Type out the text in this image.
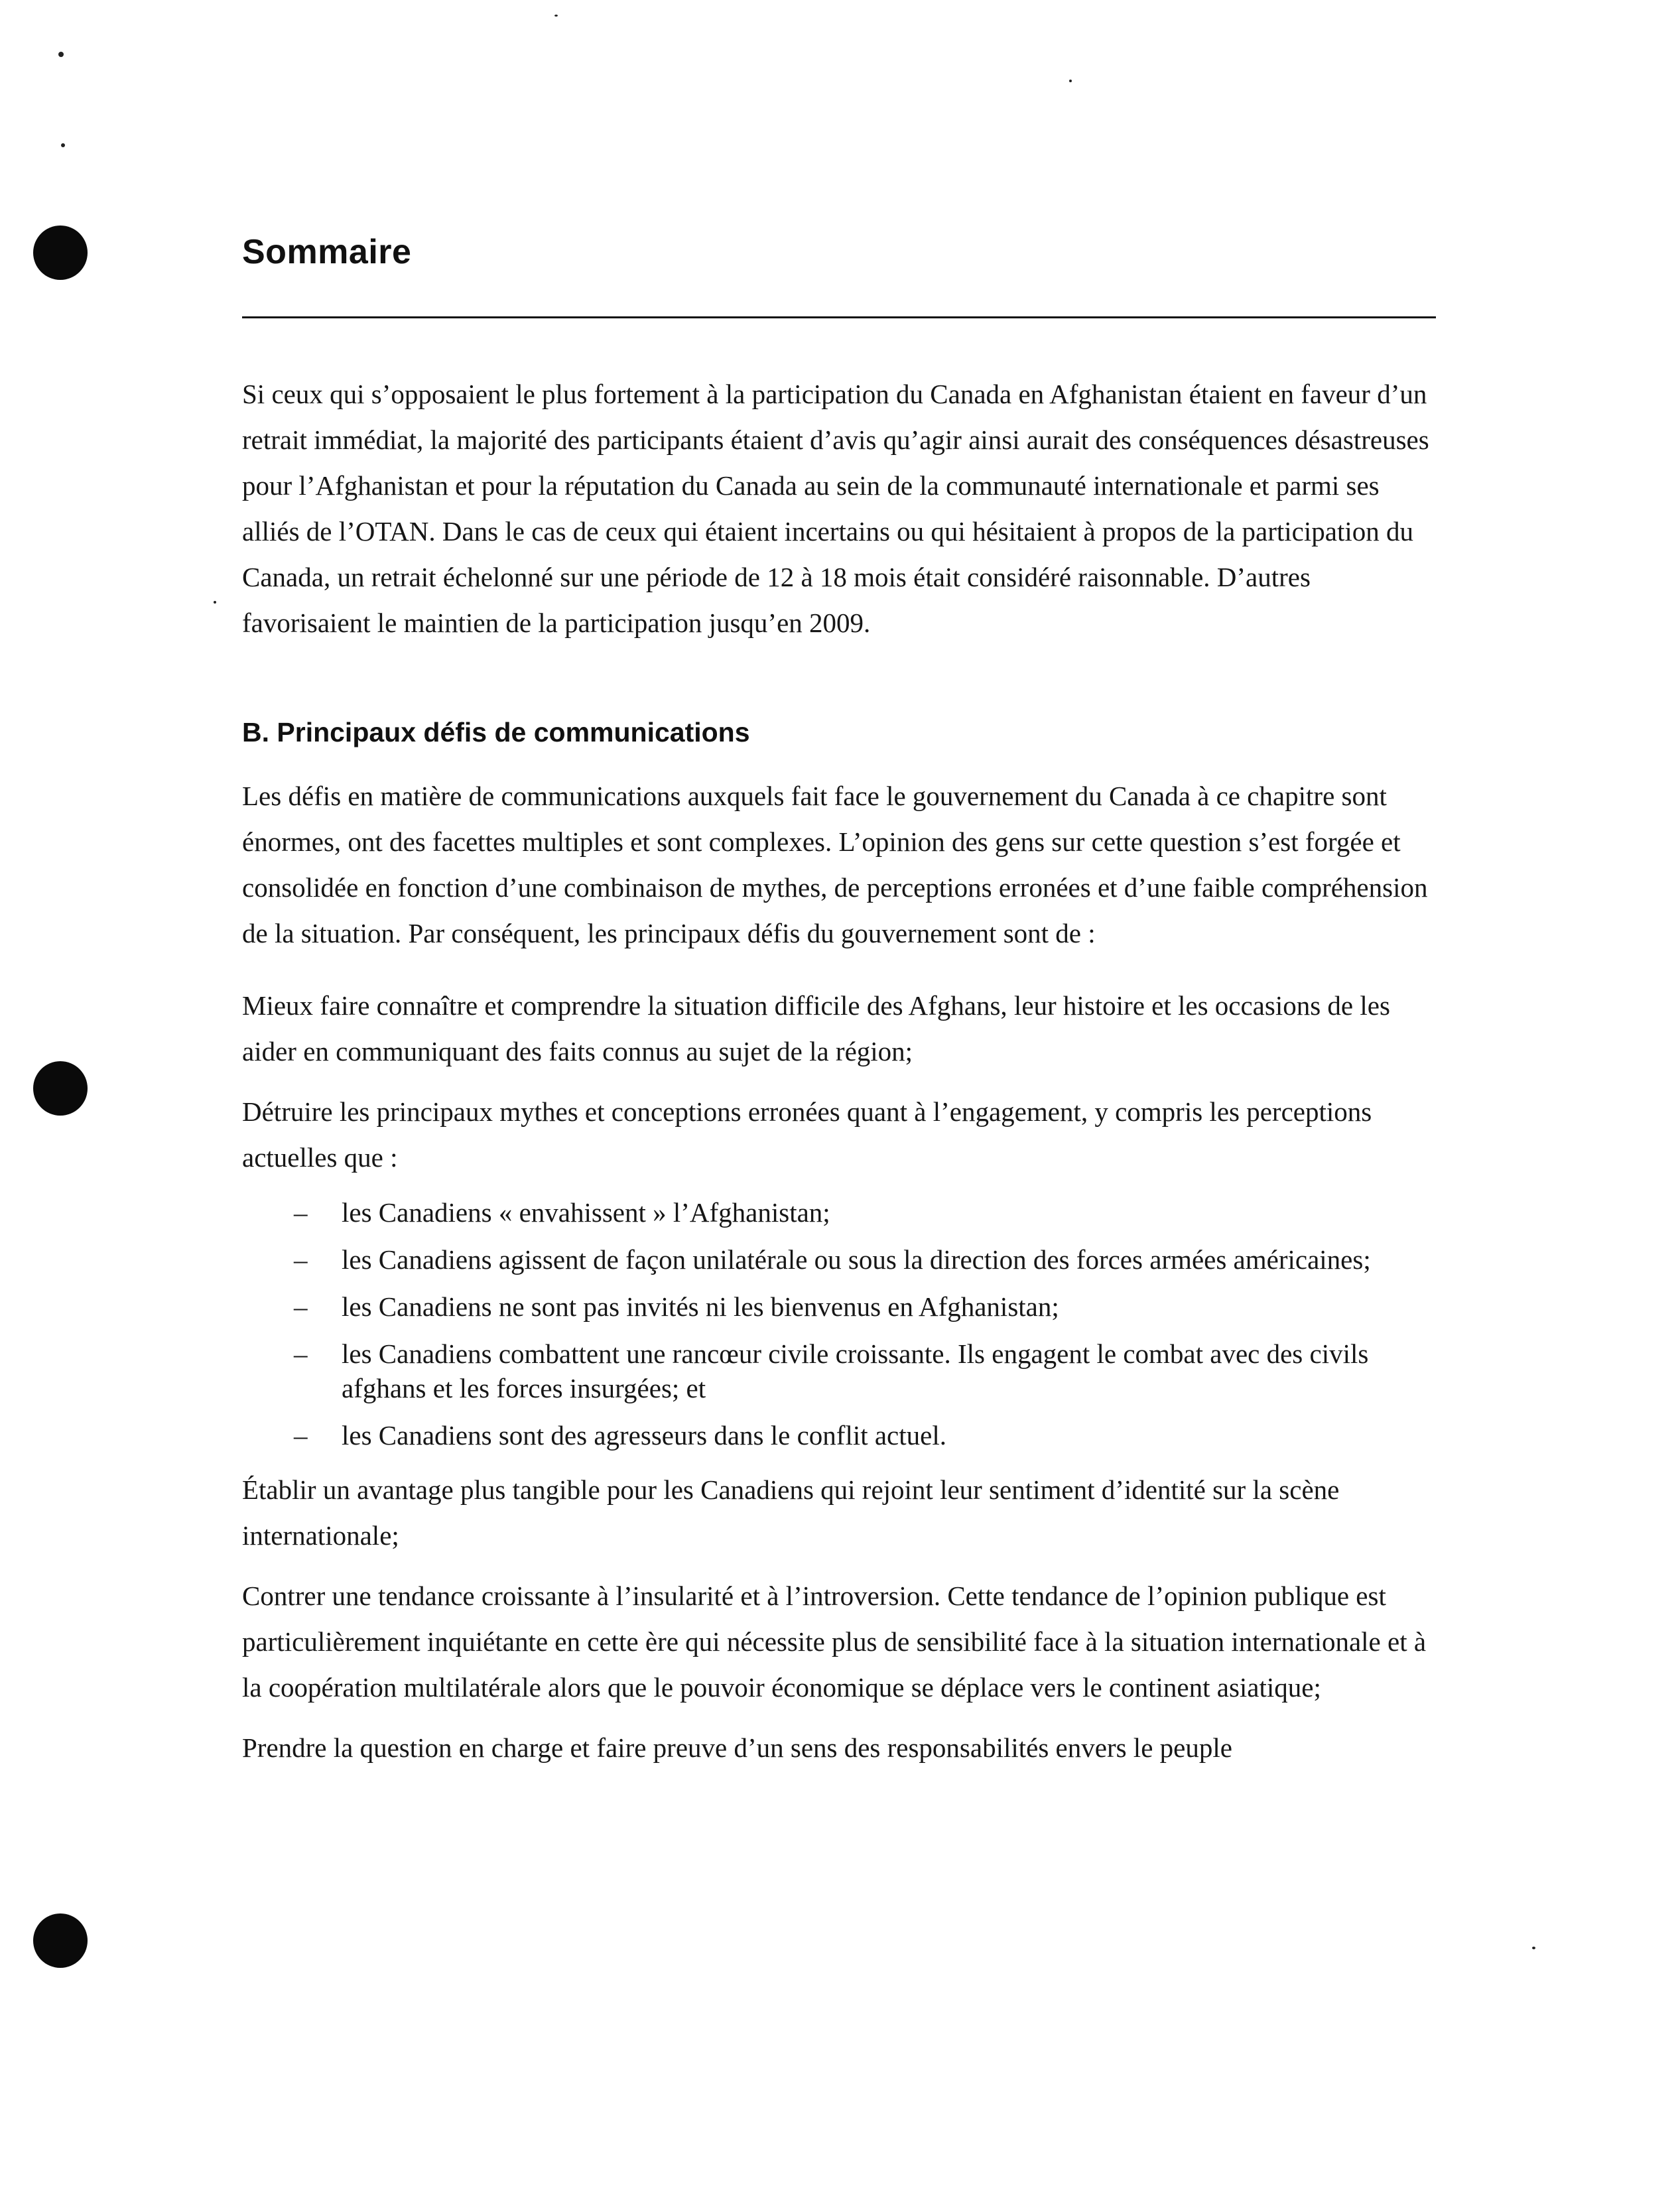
Sommaire

Si ceux qui s’opposaient le plus fortement à la participation du Canada en Afghanistan étaient en faveur d’un retrait immédiat, la majorité des participants étaient d’avis qu’agir ainsi aurait des conséquences désastreuses pour l’Afghanistan et pour la réputation du Canada au sein de la communauté internationale et parmi ses alliés de l’OTAN. Dans le cas de ceux qui étaient incertains ou qui hésitaient à propos de la participation du Canada, un retrait échelonné sur une période de 12 à 18 mois était considéré raisonnable. D’autres favorisaient le maintien de la participation jusqu’en 2009.

B. Principaux défis de communications

Les défis en matière de communications auxquels fait face le gouvernement du Canada à ce chapitre sont énormes, ont des facettes multiples et sont complexes. L’opinion des gens sur cette question s’est forgée et consolidée en fonction d’une combinaison de mythes, de perceptions erronées et d’une faible compréhension de la situation. Par conséquent, les principaux défis du gouvernement sont de :

Mieux faire connaître et comprendre la situation difficile des Afghans, leur histoire et les occasions de les aider en communiquant des faits connus au sujet de la région;

Détruire les principaux mythes et conceptions erronées quant à l’engagement, y compris les perceptions actuelles que :

– les Canadiens « envahissent » l’Afghanistan;
– les Canadiens agissent de façon unilatérale ou sous la direction des forces armées américaines;
– les Canadiens ne sont pas invités ni les bienvenus en Afghanistan;
– les Canadiens combattent une rancœur civile croissante. Ils engagent le combat avec des civils afghans et les forces insurgées; et
– les Canadiens sont des agresseurs dans le conflit actuel.

Établir un avantage plus tangible pour les Canadiens qui rejoint leur sentiment d’identité sur la scène internationale;

Contrer une tendance croissante à l’insularité et à l’introversion. Cette tendance de l’opinion publique est particulièrement inquiétante en cette ère qui nécessite plus de sensibilité face à la situation internationale et à la coopération multilatérale alors que le pouvoir économique se déplace vers le continent asiatique;

Prendre la question en charge et faire preuve d’un sens des responsabilités envers le peuple
